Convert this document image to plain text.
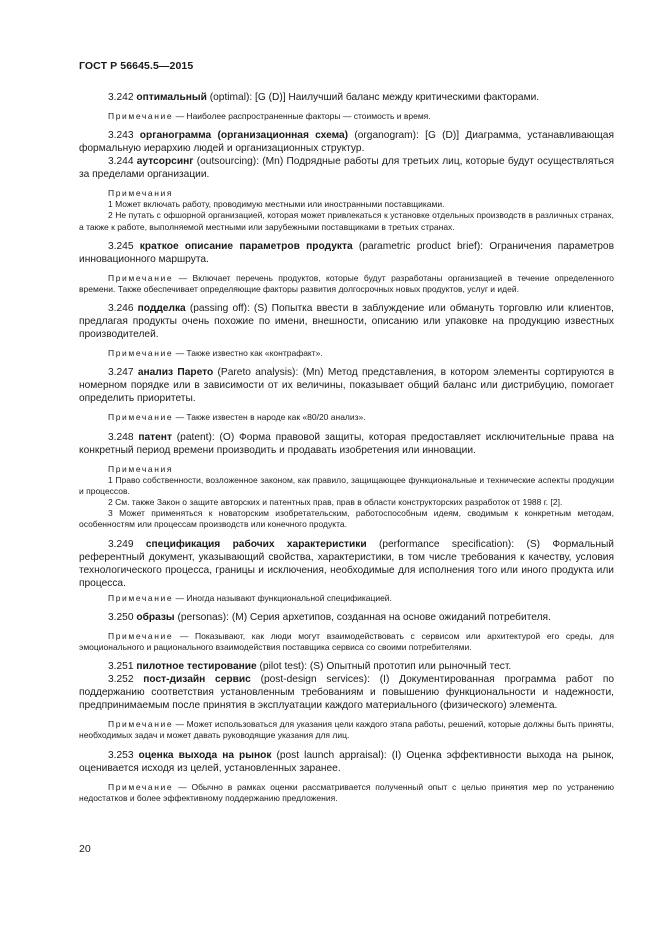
ГОСТ Р 56645.5—2015

3.242 оптимальный (optimal): [G (D)] Наилучший баланс между критическими факторами.

Примечание — Наиболее распространенные факторы — стоимость и время.

3.243 органограмма (организационная схема) (organogram): [G (D)] Диаграмма, устанавливающая формальную иерархию людей и организационных структур.

3.244 аутсорсинг (outsourcing): (Mn) Подрядные работы для третьих лиц, которые будут осуществляться за пределами организации.

Примечания

1 Может включать работу, проводимую местными или иностранными поставщиками.

2 Не путать с офшорной организацией, которая может привлекаться к установке отдельных производств в различных странах, а также к работе, выполняемой местными или зарубежными поставщиками в третьих странах.

3.245 краткое описание параметров продукта (parametric product brief): Ограничения параметров инновационного маршрута.

Примечание — Включает перечень продуктов, которые будут разработаны организацией в течение определенного времени. Также обеспечивает определяющие факторы развития долгосрочных новых продуктов, услуг и идей.

3.246 подделка (passing off): (S) Попытка ввести в заблуждение или обмануть торговлю или клиентов, предлагая продукты очень похожие по имени, внешности, описанию или упаковке на продукцию известных производителей.

Примечание — Также известно как «контрафакт».

3.247 анализ Парето (Pareto analysis): (Mn) Метод представления, в котором элементы сортируются в номерном порядке или в зависимости от их величины, показывает общий баланс или дистрибуцию, помогает определить приоритеты.

Примечание — Также известен в народе как «80/20 анализ».

3.248 патент (patent): (O) Форма правовой защиты, которая предоставляет исключительные права на конкретный период времени производить и продавать изобретения или инновации.

Примечания

1 Право собственности, возложенное законом, как правило, защищающее функциональные и технические аспекты продукции и процессов.

2 См. также Закон о защите авторских и патентных прав, прав в области конструкторских разработок от 1988 г. [2].

3 Может применяться к новаторским изобретательским, работоспособным идеям, сводимым к конкретным методам, особенностям или процессам производств или конечного продукта.

3.249 спецификация рабочих характеристики (performance specification): (S) Формальный референтный документ, указывающий свойства, характеристики, в том числе требования к качеству, условия технологического процесса, границы и исключения, необходимые для исполнения того или иного продукта или процесса.

Примечание — Иногда называют функциональной спецификацией.

3.250 образы (personas): (M) Серия архетипов, созданная на основе ожиданий потребителя.

Примечание — Показывают, как люди могут взаимодействовать с сервисом или архитектурой его среды, для эмоционального и рационального взаимодействия поставщика сервиса со своими потребителями.

3.251 пилотное тестирование (pilot test): (S) Опытный прототип или рыночный тест.

3.252 пост-дизайн сервис (post-design services): (I) Документированная программа работ по поддержанию соответствия установленным требованиям и повышению функциональности и надежности, предпринимаемым после принятия в эксплуатации каждого материального (физического) элемента.

Примечание — Может использоваться для указания цели каждого этапа работы, решений, которые должны быть приняты, необходимых задач и может давать руководящие указания для лиц.

3.253 оценка выхода на рынок (post launch appraisal): (I) Оценка эффективности выхода на рынок, оценивается исходя из целей, установленных заранее.

Примечание — Обычно в рамках оценки рассматривается полученный опыт с целью принятия мер по устранению недостатков и более эффективному поддержанию предложения.

20
